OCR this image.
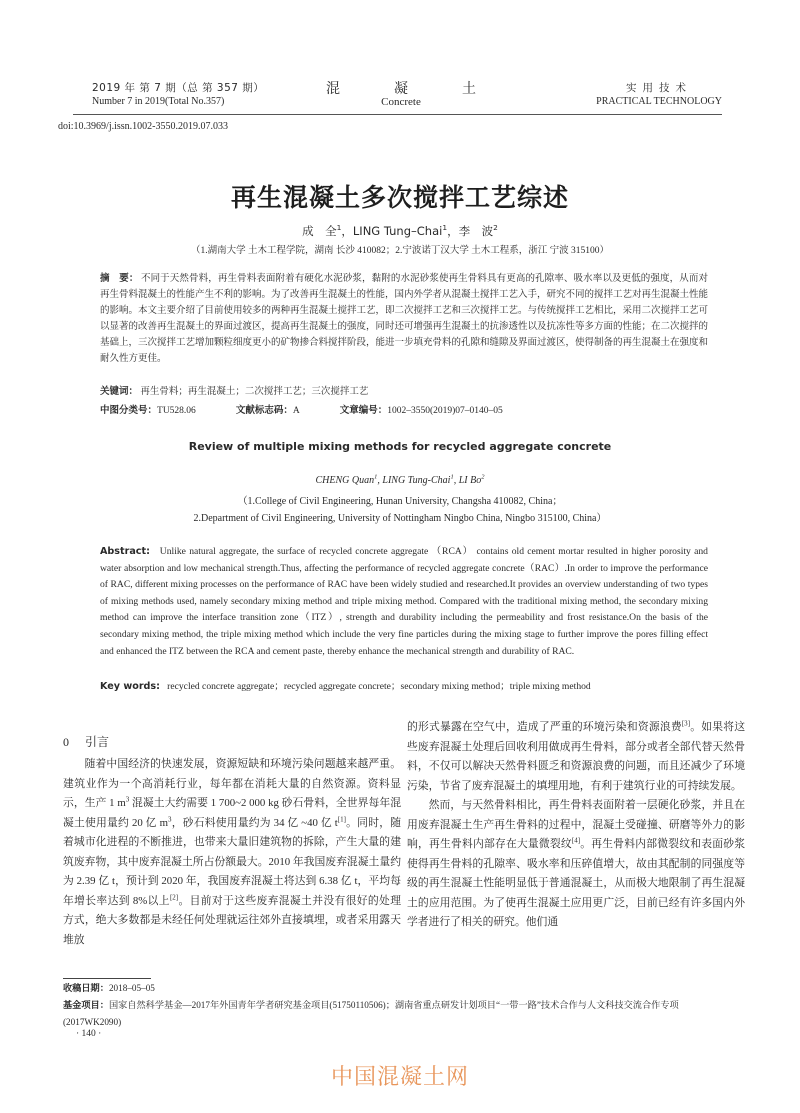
2019 年 第 7 期（总 第 357 期）
Number 7 in 2019(Total No.357)
混	凝	土
Concrete
实用技术
PRACTICAL TECHNOLOGY
doi:10.3969/j.issn.1002-3550.2019.07.033
再生混凝土多次搅拌工艺综述
成　全$^1$，LING Tung–Chai$^1$，李　波$^2$
（1.湖南大学 土木工程学院，湖南 长沙 410082；2.宁波诺丁汉大学 土木工程系，浙江 宁波 315100）
摘　要： 不同于天然骨料，再生骨料表面附着有硬化水泥砂浆，黏附的水泥砂浆使再生骨料具有更高的孔隙率、吸水率以及更低的强度，从而对再生骨料混凝土的性能产生不利的影响。为了改善再生混凝土的性能，国内外学者从混凝土搅拌工艺入手，研究不同的搅拌工艺对再生混凝土性能的影响。本文主要介绍了目前使用较多的两种再生混凝土搅拌工艺，即二次搅拌工艺和三次搅拌工艺。与传统搅拌工艺相比，采用二次搅拌工艺可以显著的改善再生混凝土的界面过渡区，提高再生混凝土的强度，同时还可增强再生混凝土的抗渗透性以及抗冻性等多方面的性能；在二次搅拌的基础上，三次搅拌工艺增加颗粒细度更小的矿物掺合料搅拌阶段，能进一步填充骨料的孔隙和缝隙及界面过渡区，使得制备的再生混凝土在强度和耐久性方更佳。
关键词： 再生骨料；再生混凝土；二次搅拌工艺；三次搅拌工艺
中图分类号：TU528.06	文献标志码：A	文章编号：1002–3550(2019)07–0140–05
Review of multiple mixing methods for recycled aggregate concrete
CHENG Quan$^1$, LING Tung-Chai$^1$, LI Bo$^2$
（1.College of Civil Engineering, Hunan University, Changsha 410082, China；
2.Department of Civil Engineering, University of Nottingham Ningbo China, Ningbo 315100, China）
Abstract: Unlike natural aggregate, the surface of recycled concrete aggregate （RCA） contains old cement mortar resulted in higher porosity and water absorption and low mechanical strength.Thus, affecting the performance of recycled aggregate concrete（RAC）.In order to improve the performance of RAC, different mixing processes on the performance of RAC have been widely studied and researched.It provides an overview understanding of two types of mixing methods used, namely secondary mixing method and triple mixing method. Compared with the traditional mixing method, the secondary mixing method can improve the interface transition zone（ITZ）, strength and durability including the permeability and frost resistance.On the basis of the secondary mixing method, the triple mixing method which include the very fine particles during the mixing stage to further improve the pores filling effect and enhanced the ITZ between the RCA and cement paste, thereby enhance the mechanical strength and durability of RAC.
Key words: recycled concrete aggregate；recycled aggregate concrete；secondary mixing method；triple mixing method
0 引言
随着中国经济的快速发展，资源短缺和环境污染问题越来越严重。建筑业作为一个高消耗行业，每年都在消耗大量的自然资源。资料显示，生产 1 $m^3$ 混凝土大约需要 1 700~2 000 kg 砂石骨料，全世界每年混凝土使用量约 20 亿 $m^3$，砂石料使用量约为 34 亿 ~40 亿 t[1]。同时，随着城市化进程的不断推进，也带来大量旧建筑物的拆除，产生大量的建筑废弃物，其中废弃混凝土所占份额最大。2010 年我国废弃混凝土量约为 2.39 亿 t，预计到 2020 年，我国废弃混凝土将达到 6.38 亿 t，平均每年增长率达到 8%以上[2]。目前对于这些废弃混凝土并没有很好的处理方式，绝大多数都是未经任何处理就运往郊外直接填埋，或者采用露天堆放
的形式暴露在空气中，造成了严重的环境污染和资源浪费[3]。如果将这些废弃混凝土处理后回收利用做成再生骨料，部分或者全部代替天然骨料，不仅可以解决天然骨料匮乏和资源浪费的问题，而且还减少了环境污染，节省了废弃混凝土的填埋用地，有利于建筑行业的可持续发展。
然而，与天然骨料相比，再生骨料表面附着一层硬化砂浆，并且在用废弃混凝土生产再生骨料的过程中，混凝土受碰撞、研磨等外力的影响，再生骨料内部存在大量微裂纹[4]。再生骨料内部微裂纹和表面砂浆使得再生骨料的孔隙率、吸水率和压碎值增大，故由其配制的同强度等级的再生混凝土性能明显低于普通混凝土，从而极大地限制了再生混凝土的应用范围。为了使再生混凝土应用更广泛，目前已经有许多国内外学者进行了相关的研究。他们通
收稿日期：2018–05–05
基金项目：国家自然科学基金—2017年外国青年学者研究基金项目(51750110506)；湖南省重点研发计划项目“一带一路”技术合作与人文科技交流合作专项(2017WK2090)
· 140 ·
中国混凝土网
